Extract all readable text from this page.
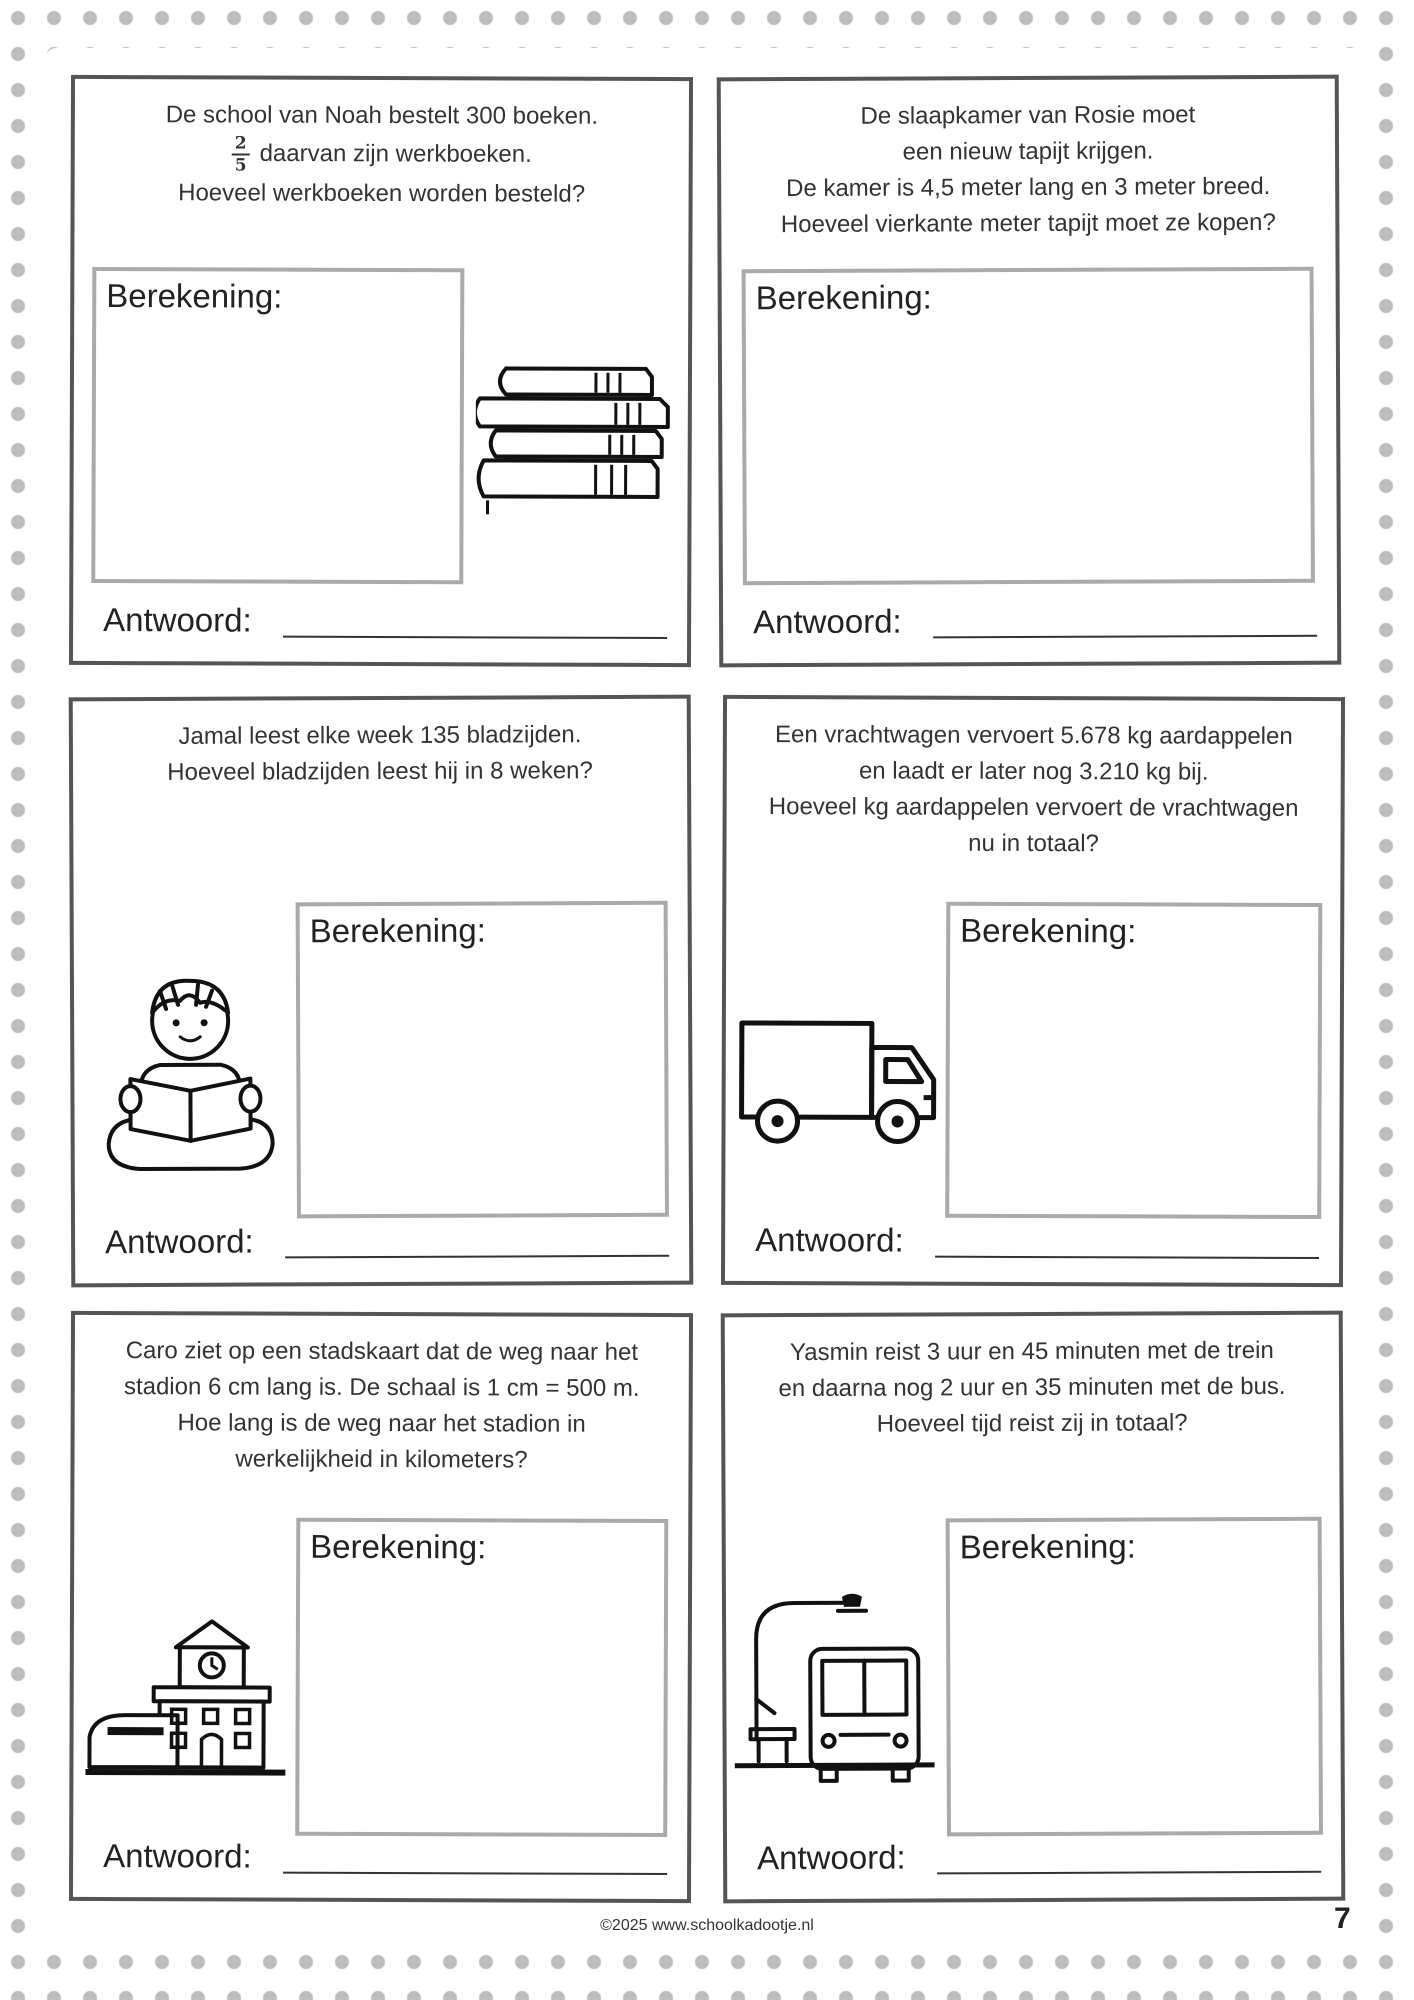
De school van Noah bestelt 300 boeken.

$\frac{2}{5}$ daarvan zijn werkboeken.
Hoeveel werkboeken worden besteld?

Berekening:
Antwoord:

De slaapkamer van Rosie moet
een nieuw tapijt krijgen.
De kamer is 4,5 meter lang en 3 meter breed.
Hoeveel vierkante meter tapijt moet ze kopen?

Berekening:
Antwoord:

Jamal leest elke week 135 bladzijden.
Hoeveel bladzijden leest hij in 8 weken?

Berekening:
Antwoord:

Een vrachtwagen vervoert 5.678 kg aardappelen
en laadt er later nog 3.210 kg bij.
Hoeveel kg aardappelen vervoert de vrachtwagen
nu in totaal?

Berekening:
Antwoord:

Caro ziet op een stadskaart dat de weg naar het
stadion 6 cm lang is. De schaal is 1 cm = 500 m.
Hoe lang is de weg naar het stadion in
werkelijkheid in kilometers?

Berekening:
Antwoord:

Yasmin reist 3 uur en 45 minuten met de trein
en daarna nog 2 uur en 35 minuten met de bus.
Hoeveel tijd reist zij in totaal?

Berekening:
Antwoord:
©2025 www.schoolkadootje.nl	7
